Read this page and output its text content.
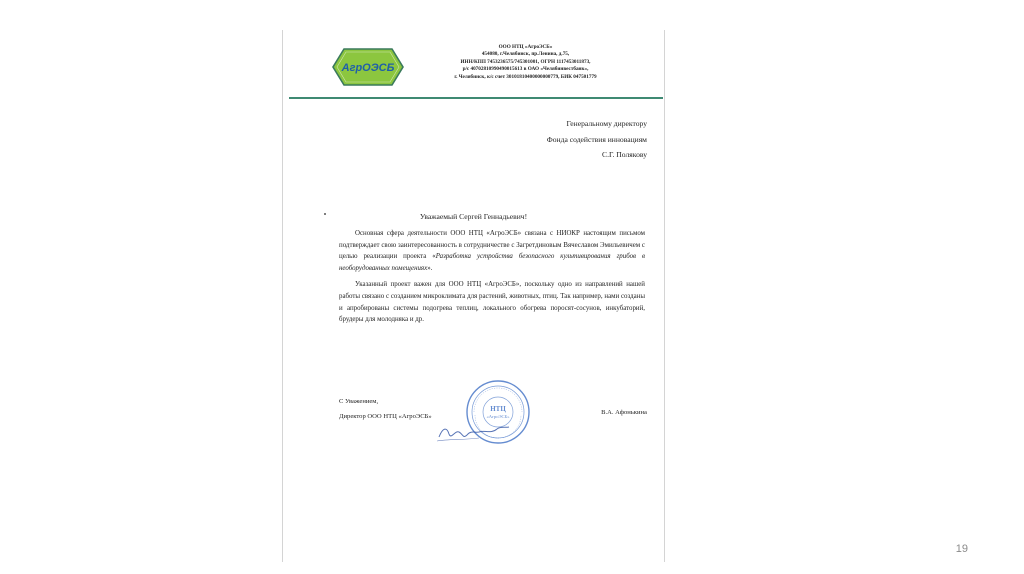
АгрОЭСБ
ООО НТЦ «АгроЭСБ»
454080, г.Челябинск, пр.Ленина, д.75,
ИНН/КПП 7453236575/745301001, ОГРН 1117453011873,
р/с 40702810990490015613 в ОАО «Челябинвестбанк»,
г. Челябинск, к/с счет 30101810400000000779, БИК 047501779
Генеральному директору
Фонда содействия инновациям
С.Г. Полякову
Уважаемый Сергей Геннадьевич!

Основная сфера деятельности ООО НТЦ «АгроЭСБ» связана с НИОКР настоящим письмом подтверждает свою заинтересованность в сотрудничестве с Загретдиновым Вячеславом Эмильевичем с целью реализации проекта «Разработка устройства безопасного культивирования грибов в необорудованных помещениях».

Указанный проект важен для ООО НТЦ «АгроЭСБ», поскольку одно из направлений нашей работы связано с созданием микроклимата для растений, животных, птиц. Так например, нами созданы и апробированы системы подогрева теплиц, локального обогрева поросят-сосунов, инкубаторий, брудеры для молодняка и др.

С Уважением,
Директор ООО НТЦ «АгроЭСБ»
В.А. Афонькина
НТЦ
«АгроЭСБ»
19
